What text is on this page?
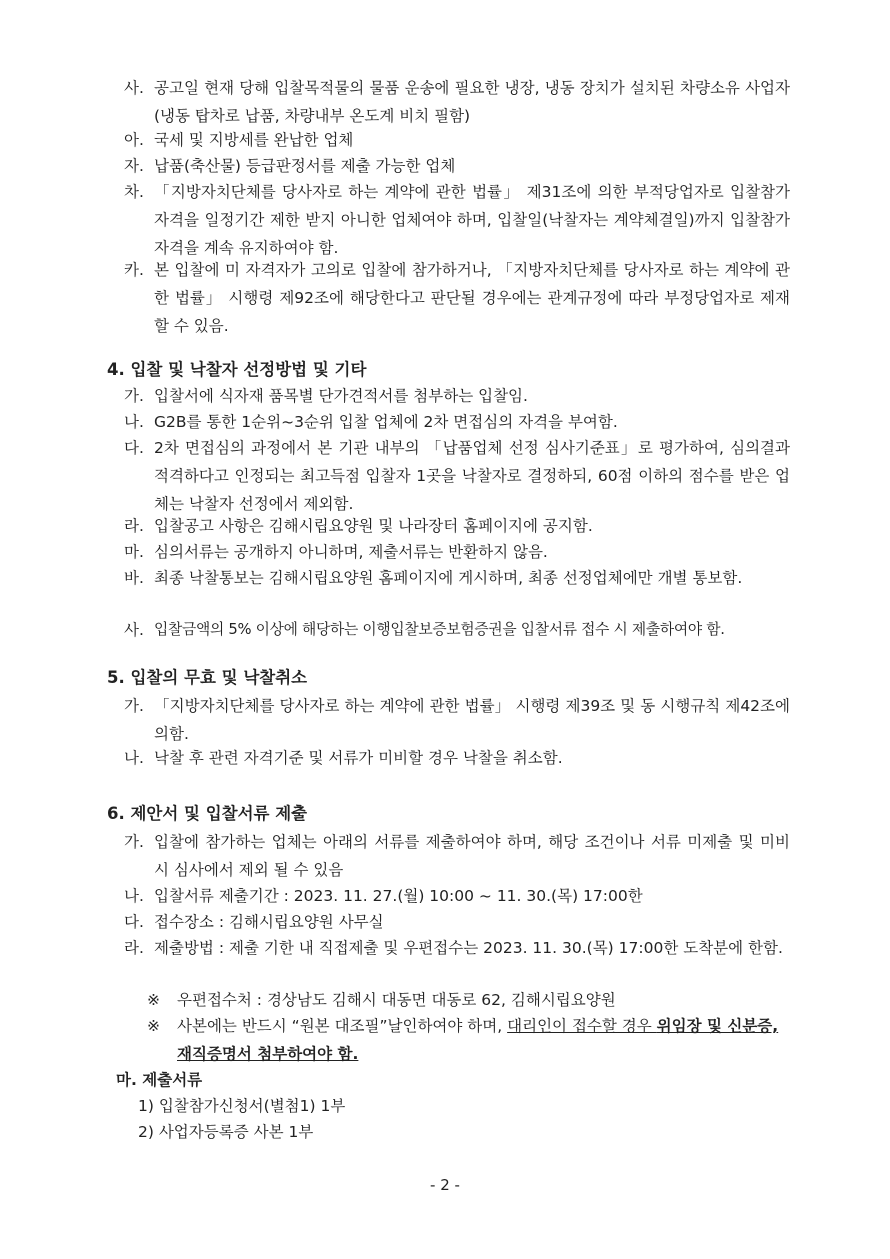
사. 공고일 현재 당해 입찰목적물의 물품 운송에 필요한 냉장, 냉동 장치가 설치된 차량소유 사업자(냉동 탑차로 납품, 차량내부 온도계 비치 필함)
아. 국세 및 지방세를 완납한 업체
자. 납품(축산물) 등급판정서를 제출 가능한 업체
차. 「지방자치단체를 당사자로 하는 계약에 관한 법률」 제31조에 의한 부적당업자로 입찰참가 자격을 일정기간 제한 받지 아니한 업체여야 하며, 입찰일(낙찰자는 계약체결일)까지 입찰참가 자격을 계속 유지하여야 함.
카. 본 입찰에 미 자격자가 고의로 입찰에 참가하거나, 「지방자치단체를 당사자로 하는 계약에 관한 법률」 시행령 제92조에 해당한다고 판단될 경우에는 관계규정에 따라 부정당업자로 제재할 수 있음.
4. 입찰 및 낙찰자 선정방법 및 기타
가. 입찰서에 식자재 품목별 단가견적서를 첨부하는 입찰임.
나. G2B를 통한 1순위~3순위 입찰 업체에 2차 면접심의 자격을 부여함.
다. 2차 면접심의 과정에서 본 기관 내부의 「납품업체 선정 심사기준표」로 평가하여, 심의결과 적격하다고 인정되는 최고득점 입찰자 1곳을 낙찰자로 결정하되, 60점 이하의 점수를 받은 업체는 낙찰자 선정에서 제외함.
라. 입찰공고 사항은 김해시립요양원 및 나라장터 홈페이지에 공지함.
마. 심의서류는 공개하지 아니하며, 제출서류는 반환하지 않음.
바. 최종 낙찰통보는 김해시립요양원 홈페이지에 게시하며, 최종 선정업체에만 개별 통보함.
사. 입찰금액의 5% 이상에 해당하는 이행입찰보증보험증권을 입찰서류 접수 시 제출하여야 함.
5. 입찰의 무효 및 낙찰취소
가. 「지방자치단체를 당사자로 하는 계약에 관한 법률」 시행령 제39조 및 동 시행규칙 제42조에 의함.
나. 낙찰 후 관련 자격기준 및 서류가 미비할 경우 낙찰을 취소함.
6. 제안서 및 입찰서류 제출
가. 입찰에 참가하는 업체는 아래의 서류를 제출하여야 하며, 해당 조건이나 서류 미제출 및 미비 시 심사에서 제외 될 수 있음
나. 입찰서류 제출기간 : 2023. 11. 27.(월) 10:00 ~ 11. 30.(목) 17:00한
다. 접수장소 : 김해시립요양원 사무실
라. 제출방법 : 제출 기한 내 직접제출 및 우편접수는 2023. 11. 30.(목) 17:00한 도착분에 한함.
※ 우편접수처 : 경상남도 김해시 대동면 대동로 62, 김해시립요양원
※ 사본에는 반드시 “원본 대조필”날인하여야 하며, 대리인이 접수할 경우 위임장 및 신분증, 재직증명서 첨부하여야 함.
마. 제출서류
1) 입찰참가신청서(별첨1) 1부
2) 사업자등록증 사본 1부
- 2 -
